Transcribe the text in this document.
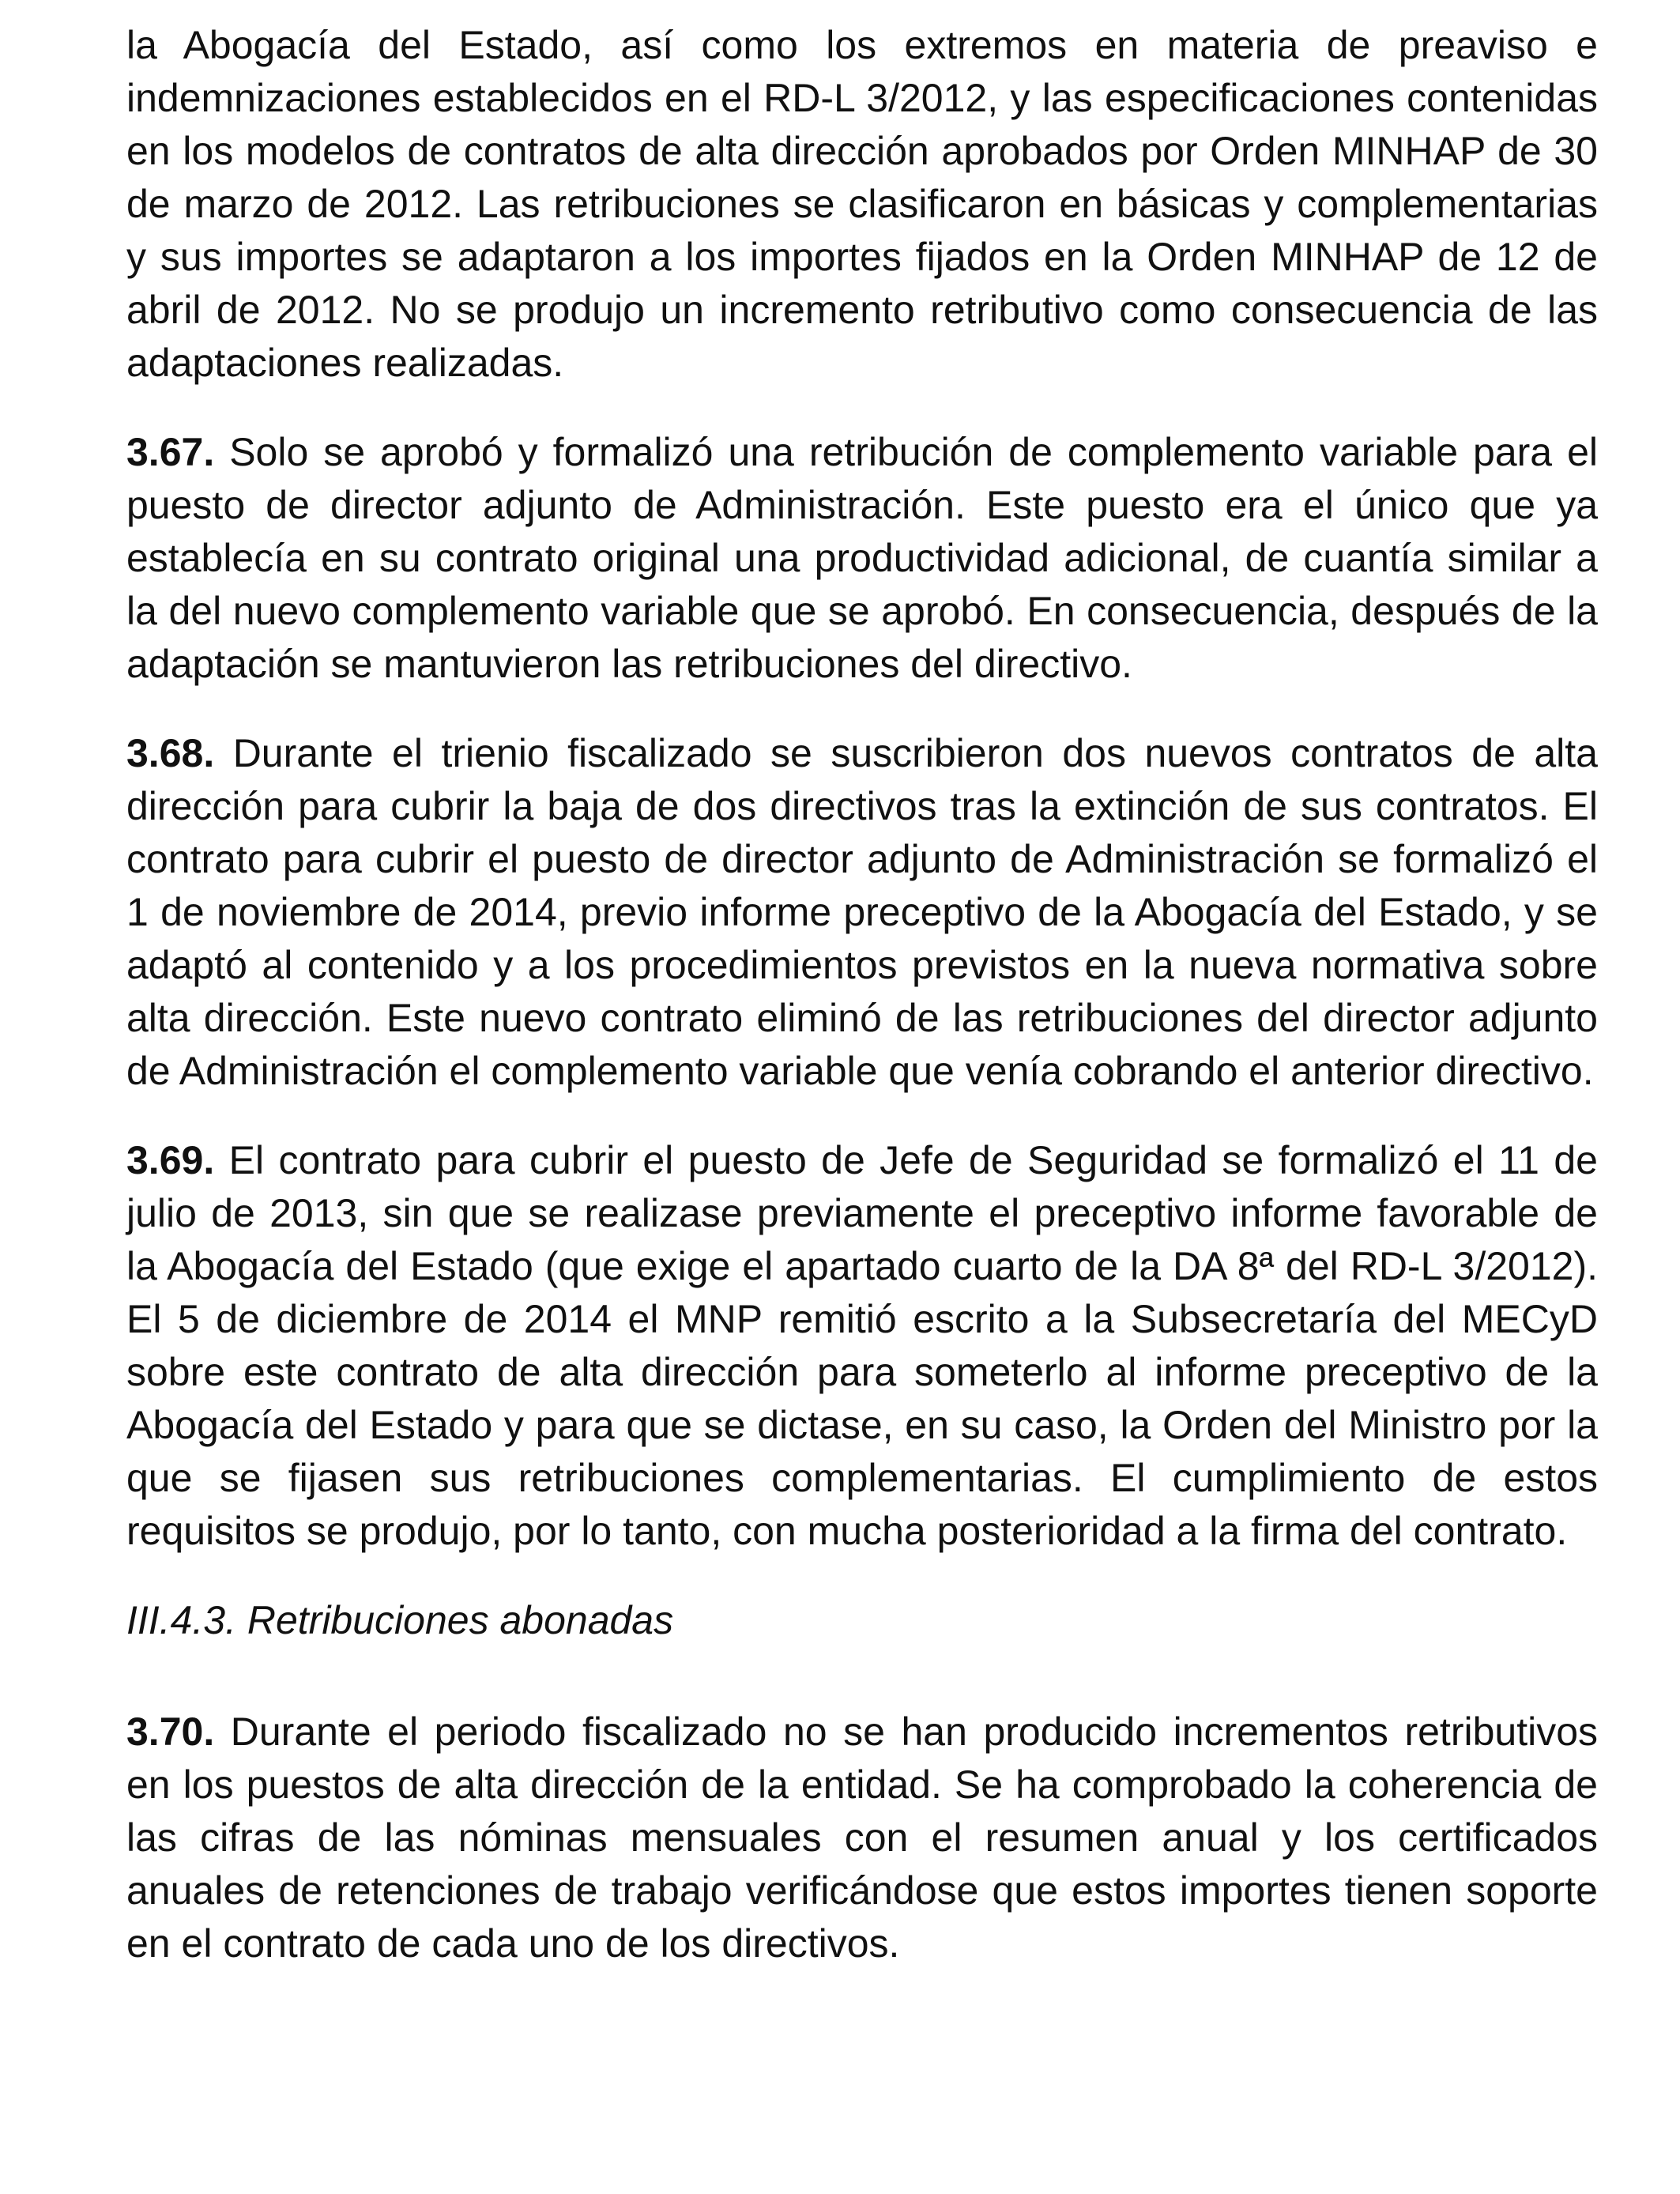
la Abogacía del Estado, así como los extremos en materia de preaviso e indemnizaciones establecidos en el RD-L 3/2012, y las especificaciones contenidas en los modelos de contratos de alta dirección aprobados por Orden MINHAP de 30 de marzo de 2012. Las retribuciones se clasificaron en básicas y complementarias y sus importes se adaptaron a los importes fijados en la Orden MINHAP de 12 de abril de 2012. No se produjo un incremento retributivo como consecuencia de las adaptaciones realizadas.

3.67. Solo se aprobó y formalizó una retribución de complemento variable para el puesto de director adjunto de Administración. Este puesto era el único que ya establecía en su contrato original una productividad adicional, de cuantía similar a la del nuevo complemento variable que se aprobó. En consecuencia, después de la adaptación se mantuvieron las retribuciones del directivo.

3.68. Durante el trienio fiscalizado se suscribieron dos nuevos contratos de alta dirección para cubrir la baja de dos directivos tras la extinción de sus contratos. El contrato para cubrir el puesto de director adjunto de Administración se formalizó el 1 de noviembre de 2014, previo informe preceptivo de la Abogacía del Estado, y se adaptó al contenido y a los procedimientos previstos en la nueva normativa sobre alta dirección. Este nuevo contrato eliminó de las retribuciones del director adjunto de Administración el complemento variable que venía cobrando el anterior directivo.

3.69. El contrato para cubrir el puesto de Jefe de Seguridad se formalizó el 11 de julio de 2013, sin que se realizase previamente el preceptivo informe favorable de la Abogacía del Estado (que exige el apartado cuarto de la DA 8ª del RD-L 3/2012). El 5 de diciembre de 2014 el MNP remitió escrito a la Subsecretaría del MECyD sobre este contrato de alta dirección para someterlo al informe preceptivo de la Abogacía del Estado y para que se dictase, en su caso, la Orden del Ministro por la que se fijasen sus retribuciones complementarias. El cumplimiento de estos requisitos se produjo, por lo tanto, con mucha posterioridad a la firma del contrato.

III.4.3. Retribuciones abonadas

3.70. Durante el periodo fiscalizado no se han producido incrementos retributivos en los puestos de alta dirección de la entidad. Se ha comprobado la coherencia de las cifras de las nóminas mensuales con el resumen anual y los certificados anuales de retenciones de trabajo verificándose que estos importes tienen soporte en el contrato de cada uno de los directivos.
